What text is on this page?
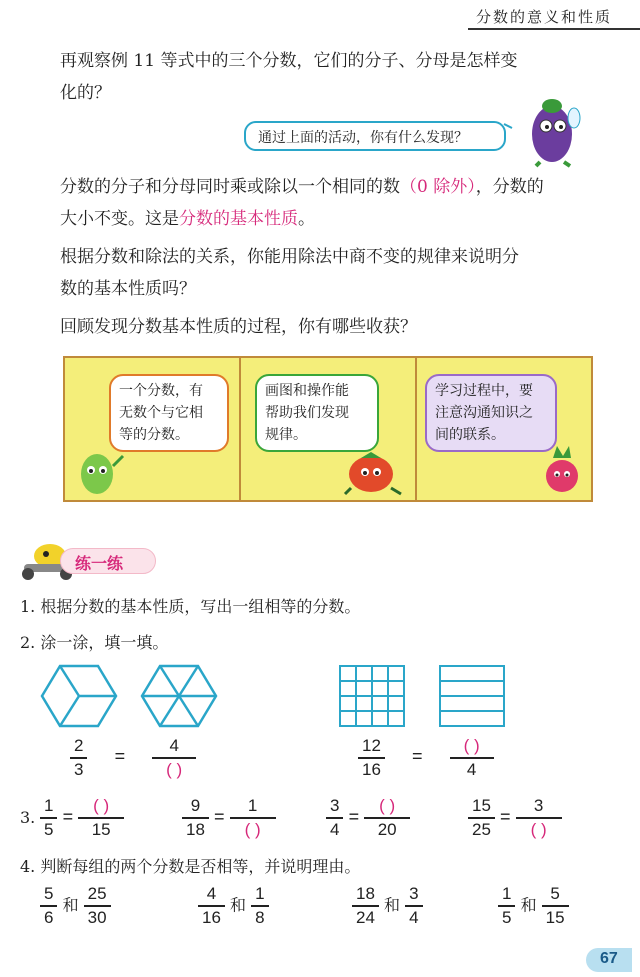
分数的意义和性质
再观察例 11 等式中的三个分数，它们的分子、分母是怎样变
化的？
通过上面的活动，你有什么发现？
分数的分子和分母同时乘或除以一个相同的数（0 除外），分数的
大小不变。这是分数的基本性质。
根据分数和除法的关系，你能用除法中商不变的规律来说明分
数的基本性质吗？
回顾发现分数基本性质的过程，你有哪些收获？
一个分数，有
无数个与它相
等的分数。
画图和操作能
帮助我们发现
规律。
学习过程中，要
注意沟通知识之
间的联系。
练一练
1. 根据分数的基本性质，写出一组相等的分数。
2. 涂一涂，填一填。
$\frac{2}{3} = \frac{4}{( )}$	$\frac{12}{16} = \frac{( )}{4}$
3. $\frac{1}{5} = \frac{( )}{15}$	$\frac{9}{18} = \frac{1}{( )}$	$\frac{3}{4} = \frac{( )}{20}$	$\frac{15}{25} = \frac{3}{( )}$
4. 判断每组的两个分数是否相等，并说明理由。
$\frac{5}{6}$ 和 $\frac{25}{30}$	$\frac{4}{16}$ 和 $\frac{1}{8}$	$\frac{18}{24}$ 和 $\frac{3}{4}$	$\frac{1}{5}$ 和 $\frac{5}{15}$
67
